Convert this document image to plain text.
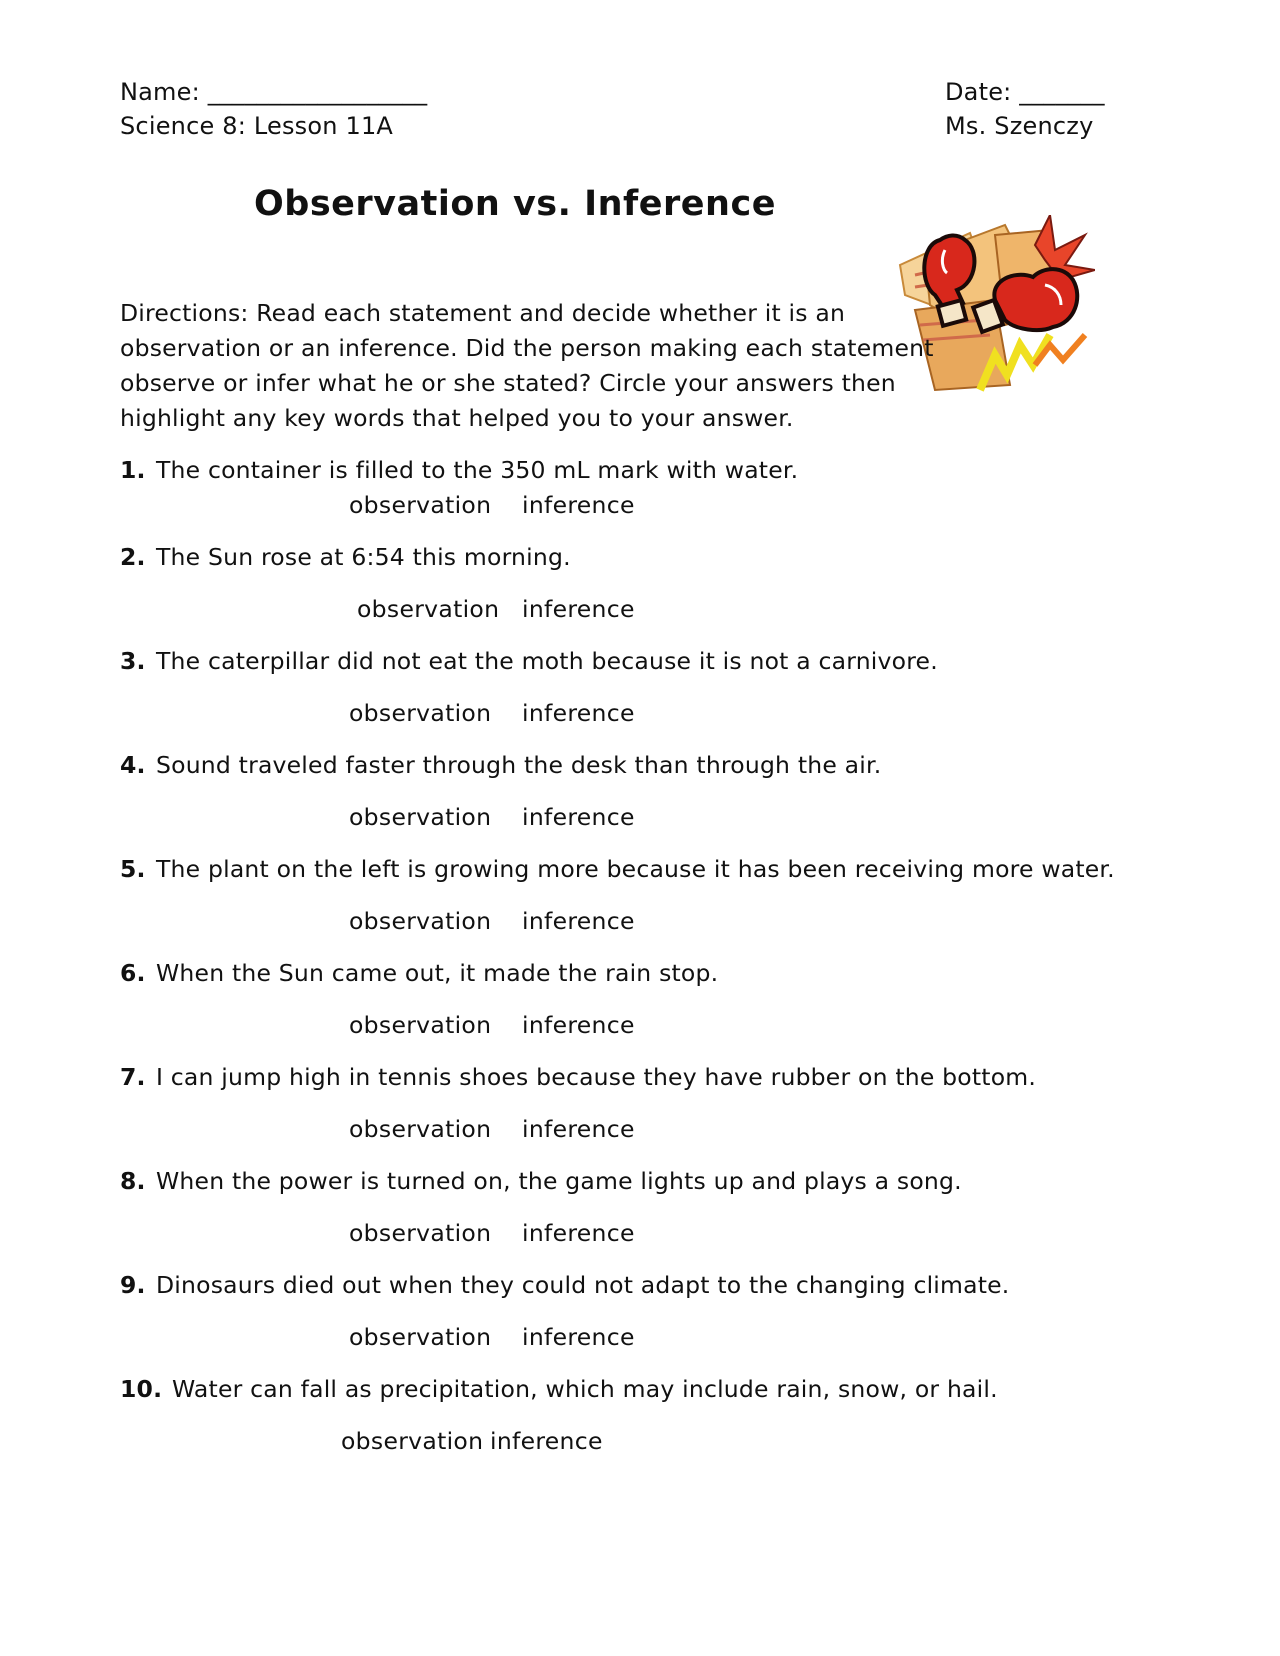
Name: __________________
Science 8: Lesson 11A
Date: _______
Ms. Szenczy
Observation vs. Inference
Directions: Read each statement and decide whether it is an observation or an inference. Did the person making each statement observe or infer what he or she stated? Circle your answers then highlight any key words that helped you to your answer.
1. The container is filled to the 350 mL mark with water.
observation inference
2. The Sun rose at 6:54 this morning.
observation inference
3. The caterpillar did not eat the moth because it is not a carnivore.
observation inference
4. Sound traveled faster through the desk than through the air.
observation inference
5. The plant on the left is growing more because it has been receiving more water.
observation inference
6. When the Sun came out, it made the rain stop.
observation inference
7. I can jump high in tennis shoes because they have rubber on the bottom.
observation inference
8. When the power is turned on, the game lights up and plays a song.
observation inference
9. Dinosaurs died out when they could not adapt to the changing climate.
observation inference
10. Water can fall as precipitation, which may include rain, snow, or hail.
observation inference
